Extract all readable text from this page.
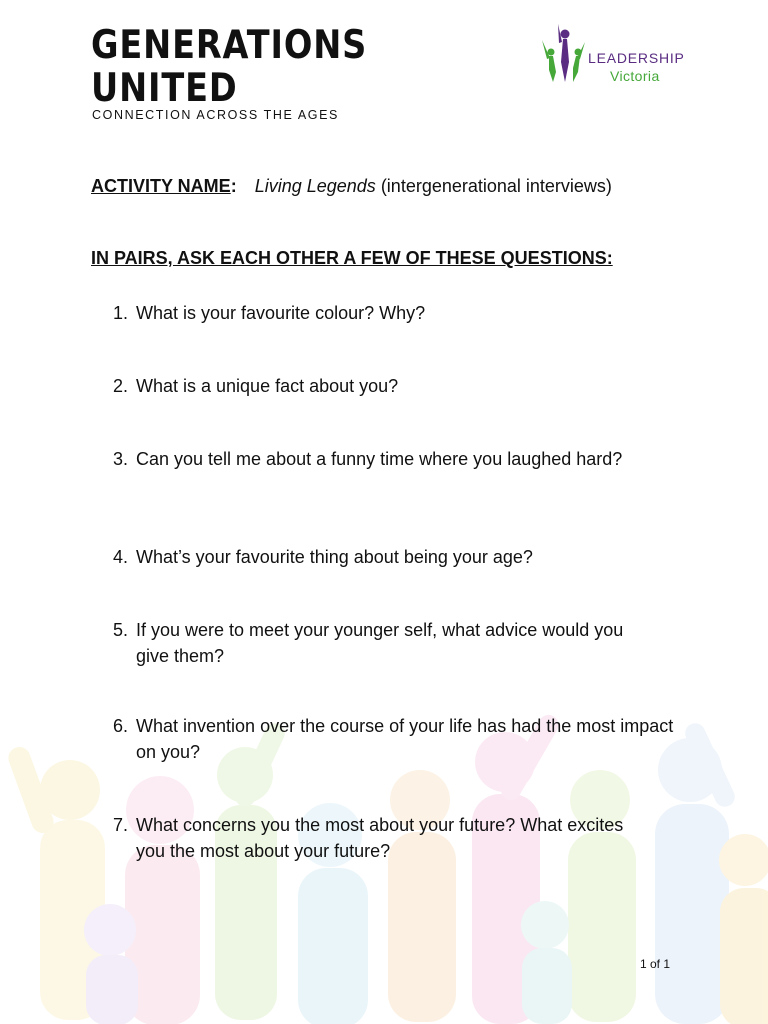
GENERATIONS
UNITED
CONNECTION ACROSS THE AGES
LEADERSHIP
Victoria
ACTIVITY NAME: Living Legends (intergenerational interviews)
IN PAIRS, ASK EACH OTHER A FEW OF THESE QUESTIONS:
1. What is your favourite colour? Why?
2. What is a unique fact about you?
3. Can you tell me about a funny time where you laughed hard?
4. What’s your favourite thing about being your age?
5. If you were to meet your younger self, what advice would you give them?
6. What invention over the course of your life has had the most impact on you?
7. What concerns you the most about your future? What excites you the most about your future?
1 of 1
